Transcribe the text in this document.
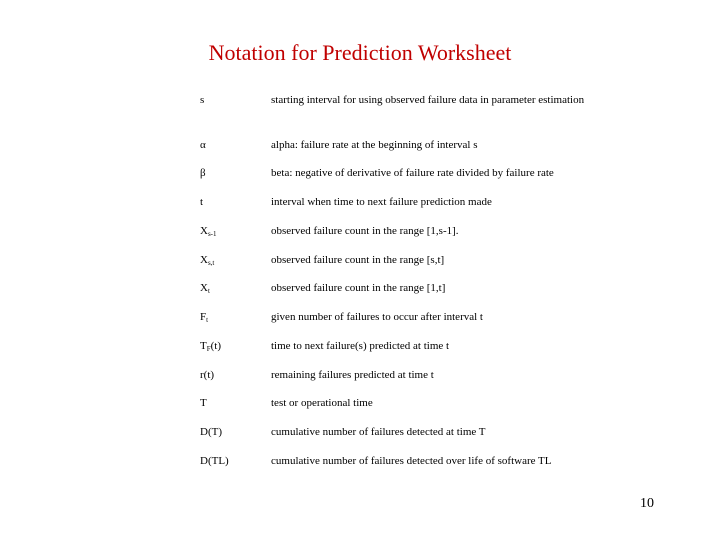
Notation for Prediction Worksheet
s	starting interval for using observed failure data in parameter estimation
α	alpha: failure rate at the beginning of interval s
β	beta: negative of derivative of failure rate divided by failure rate
t	interval when time to next failure prediction made
$X_{s-1}$	observed failure count in the range [1,s-1].
$X_{s,t}$	observed failure count in the range [s,t]
$X_t$	observed failure count in the range [1,t]
$F_t$	given number of failures to occur after interval t
$T_F(t)$	time to next failure(s) predicted at time t
r(t)	remaining failures predicted at time t
T	test or operational time
D(T)	cumulative number of failures detected at time T
D(TL)	cumulative number of failures detected over life of software TL
10
